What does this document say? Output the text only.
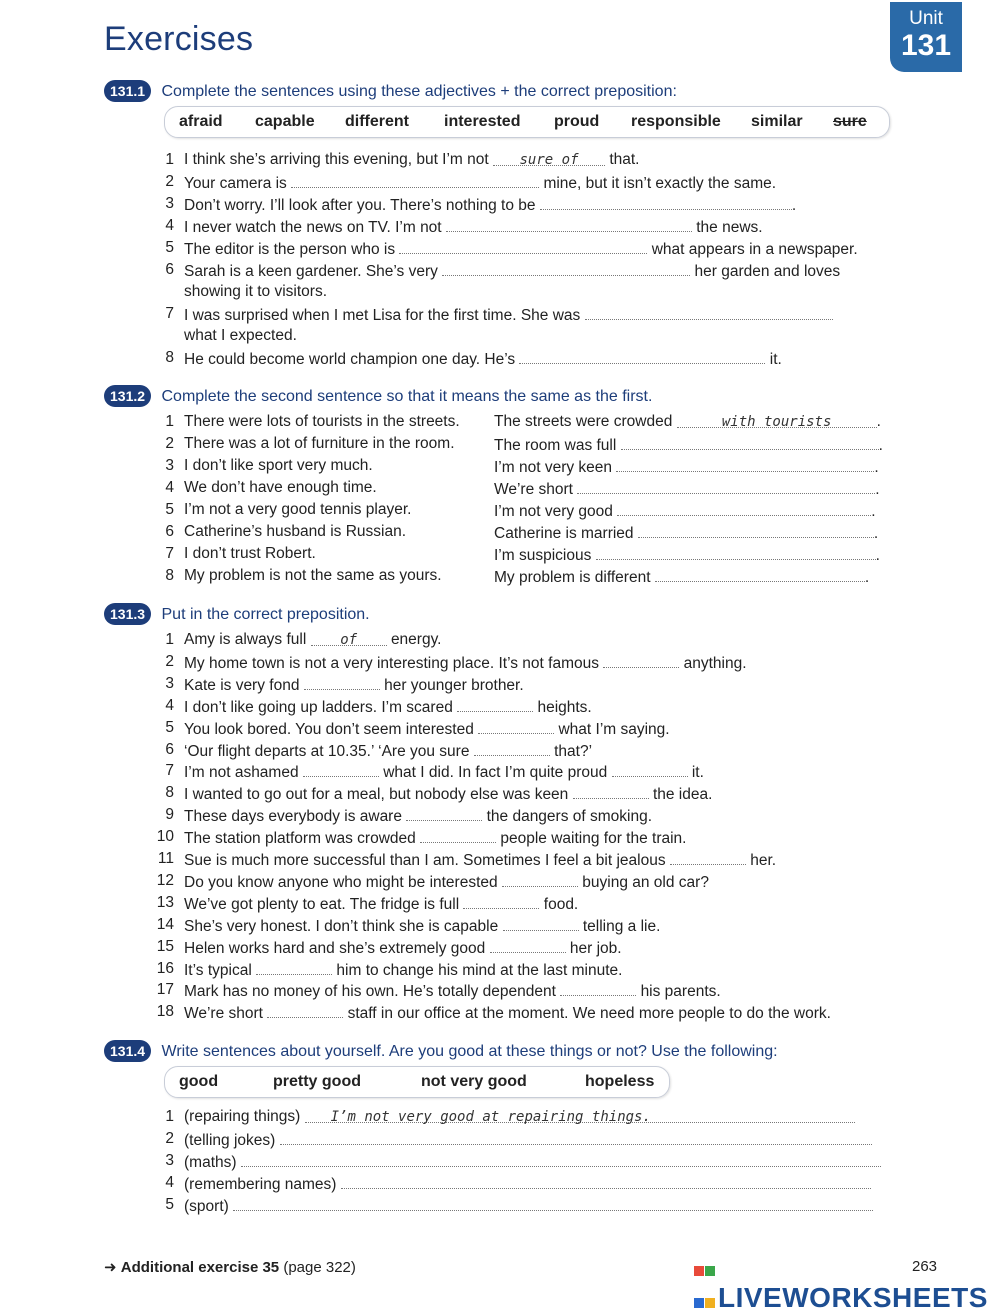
Exercises
Unit
131
131.1 Complete the sentences using these adjectives + the correct preposition:
afraid capable different interested proud responsible similar sure
1 I think she’s arriving this evening, but I’m not sure of that.
2 Your camera is	mine, but it isn’t exactly the same.
3 Don’t worry. I’ll look after you. There’s nothing to be	.
4 I never watch the news on TV. I’m not	the news.
5 The editor is the person who is	what appears in a newspaper.
6 Sarah is a keen gardener. She’s very	her garden and loves
showing it to visitors.
7 I was surprised when I met Lisa for the first time. She was
what I expected.
8 He could become world champion one day. He’s	it.
131.2 Complete the second sentence so that it means the same as the first.
1 There were lots of tourists in the streets. The streets were crowded	with tourists	.
2 There was a lot of furniture in the room.	The room was full	.
3 I don’t like sport very much.	I’m not very keen	.
4 We don’t have enough time.	We’re short	.
5 I’m not a very good tennis player.	I’m not very good	.
6 Catherine’s husband is Russian.	Catherine is married	.
7 I don’t trust Robert.	I’m suspicious	.
8 My problem is not the same as yours.	My problem is different	.
131.3 Put in the correct preposition.
1 Amy is always full of energy.
2 My home town is not a very interesting place. It’s not famous	anything.
3 Kate is very fond	her younger brother.
4 I don’t like going up ladders. I’m scared	heights.
5 You look bored. You don’t seem interested	what I’m saying.
6 ‘Our flight departs at 10.35.’ ‘Are you sure	that?’
7 I’m not ashamed	what I did. In fact I’m quite proud	it.
8 I wanted to go out for a meal, but nobody else was keen	the idea.
9 These days everybody is aware	the dangers of smoking.
10 The station platform was crowded	people waiting for the train.
11 Sue is much more successful than I am. Sometimes I feel a bit jealous	her.
12 Do you know anyone who might be interested	buying an old car?
13 We’ve got plenty to eat. The fridge is full	food.
14 She’s very honest. I don’t think she is capable	telling a lie.
15 Helen works hard and she’s extremely good	her job.
16 It’s typical	him to change his mind at the last minute.
17 Mark has no money of his own. He’s totally dependent	his parents.
18 We’re short	staff in our office at the moment. We need more people to do the work.
131.4 Write sentences about yourself. Are you good at these things or not? Use the following:
good	pretty good	not very good	hopeless
1 (repairing things) I’m not very good at repairing things.
2 (telling jokes)
3 (maths)
4 (remembering names)
5 (sport)
➜ Additional exercise 35 (page 322)	263
LIVEWORKSHEETS
